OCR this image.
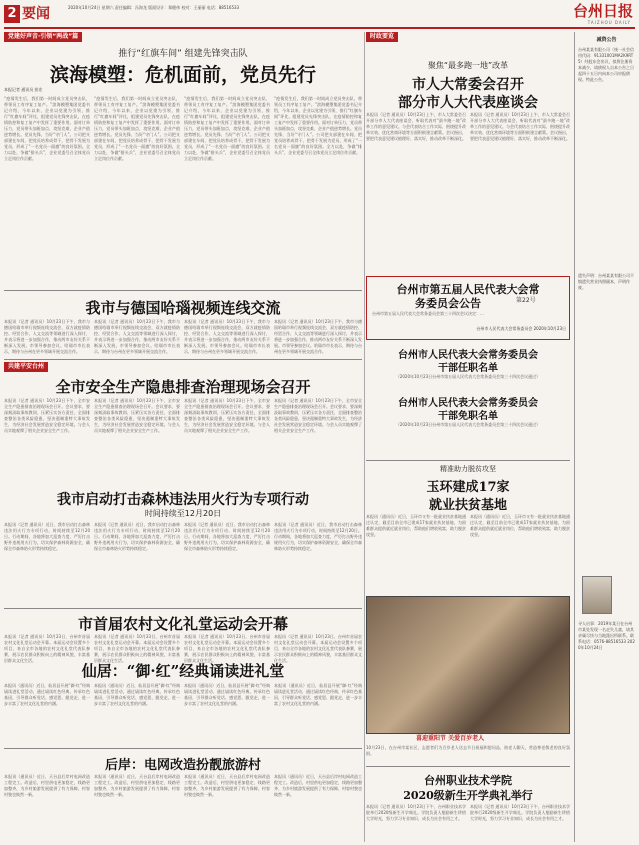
2 要闻	2020年10月24日 星期六 责任编辑：冯海龙 版面设计：郑健伟 校对：王丽丽 电话：88516533	台州日报
TAIZHOU DAILY
党建好声音·引领“两战”篇
推行“红旗车间” 组建先锋突击队
滨海模塑：危机面前，党员先行
本报记者 通讯员 彭宏
“疫情发生后，我们第一时间成立党员突击队，带领员工有序复工复产。”滨海模塑集团党委书记介绍，今年以来，企业以党建为引领，推行“红旗车间”评比，组建党员先锋突击队，在疫情防控和复工复产中发挥了重要作用。面对订单压力，党员带头加班加点，攻坚克难，企业产值逆势增长。党员先锋，当好“守门人”。公司把支部建在车间，把党员培养成骨干，把骨干发展为党员，形成了“一名党员一面旗”的良好氛围。全力以赴，争做“排头兵”，企业党委号召全体党员立足岗位作贡献。
“疫情发生后，我们第一时间成立党员突击队，带领员工有序复工复产。”滨海模塑集团党委书记介绍，今年以来，企业以党建为引领，推行“红旗车间”评比，组建党员先锋突击队，在疫情防控和复工复产中发挥了重要作用。面对订单压力，党员带头加班加点，攻坚克难，企业产值逆势增长。党员先锋，当好“守门人”。公司把支部建在车间，把党员培养成骨干，把骨干发展为党员，形成了“一名党员一面旗”的良好氛围。全力以赴，争做“排头兵”，企业党委号召全体党员立足岗位作贡献。
“疫情发生后，我们第一时间成立党员突击队，带领员工有序复工复产。”滨海模塑集团党委书记介绍，今年以来，企业以党建为引领，推行“红旗车间”评比，组建党员先锋突击队，在疫情防控和复工复产中发挥了重要作用。面对订单压力，党员带头加班加点，攻坚克难，企业产值逆势增长。党员先锋，当好“守门人”。公司把支部建在车间，把党员培养成骨干，把骨干发展为党员，形成了“一名党员一面旗”的良好氛围。全力以赴，争做“排头兵”，企业党委号召全体党员立足岗位作贡献。
“疫情发生后，我们第一时间成立党员突击队，带领员工有序复工复产。”滨海模塑集团党委书记介绍，今年以来，企业以党建为引领，推行“红旗车间”评比，组建党员先锋突击队，在疫情防控和复工复产中发挥了重要作用。面对订单压力，党员带头加班加点，攻坚克难，企业产值逆势增长。党员先锋，当好“守门人”。公司把支部建在车间，把党员培养成骨干，把骨干发展为党员，形成了“一名党员一面旗”的良好氛围。全力以赴，争做“排头兵”，企业党委号召全体党员立足岗位作贡献。
我市与德国哈瑙视频连线交流
本报讯（记者 通讯员）10月23日下午，我市与德国哈瑙市举行视频连线交流会，双方就疫情防控、经贸合作、人文交流等领域进行深入探讨，并表示将进一步加强合作，推动两市友好关系不断深入发展。市领导参加会议。哈瑙市市长表示，期待与台州在更多领域开展交流合作。
本报讯（记者 通讯员）10月23日下午，我市与德国哈瑙市举行视频连线交流会，双方就疫情防控、经贸合作、人文交流等领域进行深入探讨，并表示将进一步加强合作，推动两市友好关系不断深入发展。市领导参加会议。哈瑙市市长表示，期待与台州在更多领域开展交流合作。
本报讯（记者 通讯员）10月23日下午，我市与德国哈瑙市举行视频连线交流会，双方就疫情防控、经贸合作、人文交流等领域进行深入探讨，并表示将进一步加强合作，推动两市友好关系不断深入发展。市领导参加会议。哈瑙市市长表示，期待与台州在更多领域开展交流合作。
本报讯（记者 通讯员）10月23日下午，我市与德国哈瑙市举行视频连线交流会，双方就疫情防控、经贸合作、人文交流等领域进行深入探讨，并表示将进一步加强合作，推动两市友好关系不断深入发展。市领导参加会议。哈瑙市市长表示，期待与台州在更多领域开展交流合作。
共建平安台州
全市安全生产隐患排查治理现场会召开
本报讯（记者 通讯员）10月23日下午，全市安全生产隐患排查治理现场会召开。会议要求，要深刻汲取事故教训，压紧压实各方责任，全面排查整治各类风险隐患，坚决遏制重特大事故发生，为经济社会发展营造安全稳定环境。与会人员实地观摩了相关企业安全生产工作。
本报讯（记者 通讯员）10月23日下午，全市安全生产隐患排查治理现场会召开。会议要求，要深刻汲取事故教训，压紧压实各方责任，全面排查整治各类风险隐患，坚决遏制重特大事故发生，为经济社会发展营造安全稳定环境。与会人员实地观摩了相关企业安全生产工作。
本报讯（记者 通讯员）10月23日下午，全市安全生产隐患排查治理现场会召开。会议要求，要深刻汲取事故教训，压紧压实各方责任，全面排查整治各类风险隐患，坚决遏制重特大事故发生，为经济社会发展营造安全稳定环境。与会人员实地观摩了相关企业安全生产工作。
本报讯（记者 通讯员）10月23日下午，全市安全生产隐患排查治理现场会召开。会议要求，要深刻汲取事故教训，压紧压实各方责任，全面排查整治各类风险隐患，坚决遏制重特大事故发生，为经济社会发展营造安全稳定环境。与会人员实地观摩了相关企业安全生产工作。
我市启动打击森林违法用火行为专项行动
时间持续至12月20日
本报讯（记者 通讯员）近日，我市启动打击森林违法用火行为专项行动，时间持续至12月20日。行动期间，各地将加大巡查力度，严厉打击野外违规用火行为，切实保护森林资源安全，确保全市森林防火形势持续稳定。
本报讯（记者 通讯员）近日，我市启动打击森林违法用火行为专项行动，时间持续至12月20日。行动期间，各地将加大巡查力度，严厉打击野外违规用火行为，切实保护森林资源安全，确保全市森林防火形势持续稳定。
本报讯（记者 通讯员）近日，我市启动打击森林违法用火行为专项行动，时间持续至12月20日。行动期间，各地将加大巡查力度，严厉打击野外违规用火行为，切实保护森林资源安全，确保全市森林防火形势持续稳定。
本报讯（记者 通讯员）近日，我市启动打击森林违法用火行为专项行动，时间持续至12月20日。行动期间，各地将加大巡查力度，严厉打击野外违规用火行为，切实保护森林资源安全，确保全市森林防火形势持续稳定。
市首届农村文化礼堂运动会开幕
本报讯（记者 通讯员）10月23日，台州市首届农村文化礼堂运动会开幕。本届运动会设置多个项目，来自全市各地的农村文化礼堂代表队参赛，展示农民群众积极向上的精神风貌，丰富基层群众文化生活。
本报讯（记者 通讯员）10月23日，台州市首届农村文化礼堂运动会开幕。本届运动会设置多个项目，来自全市各地的农村文化礼堂代表队参赛，展示农民群众积极向上的精神风貌，丰富基层群众文化生活。
本报讯（记者 通讯员）10月23日，台州市首届农村文化礼堂运动会开幕。本届运动会设置多个项目，来自全市各地的农村文化礼堂代表队参赛，展示农民群众积极向上的精神风貌，丰富基层群众文化生活。
本报讯（记者 通讯员）10月23日，台州市首届农村文化礼堂运动会开幕。本届运动会设置多个项目，来自全市各地的农村文化礼堂代表队参赛，展示农民群众积极向上的精神风貌，丰富基层群众文化生活。
仙居：“御·红”经典诵读进礼堂
本报讯（通讯员）近日，仙居县开展“御·红”经典诵读进礼堂活动，通过诵读红色经典，传承红色基因，引导群众听党话、感党恩、跟党走，进一步丰富了农村文化礼堂的内涵。
本报讯（通讯员）近日，仙居县开展“御·红”经典诵读进礼堂活动，通过诵读红色经典，传承红色基因，引导群众听党话、感党恩、跟党走，进一步丰富了农村文化礼堂的内涵。
本报讯（通讯员）近日，仙居县开展“御·红”经典诵读进礼堂活动，通过诵读红色经典，传承红色基因，引导群众听党话、感党恩、跟党走，进一步丰富了农村文化礼堂的内涵。
本报讯（通讯员）近日，仙居县开展“御·红”经典诵读进礼堂活动，通过诵读红色经典，传承红色基因，引导群众听党话、感党恩、跟党走，进一步丰富了农村文化礼堂的内涵。
后岸：电网改造扮靓旅游村
本报讯（通讯员）近日，天台县后岸村电网改造工程完工。改造后，村里供电更加稳定，线路更加整齐，为乡村旅游发展提供了有力保障，村容村貌也焕然一新。
本报讯（通讯员）近日，天台县后岸村电网改造工程完工。改造后，村里供电更加稳定，线路更加整齐，为乡村旅游发展提供了有力保障，村容村貌也焕然一新。
本报讯（通讯员）近日，天台县后岸村电网改造工程完工。改造后，村里供电更加稳定，线路更加整齐，为乡村旅游发展提供了有力保障，村容村貌也焕然一新。
本报讯（通讯员）近日，天台县后岸村电网改造工程完工。改造后，村里供电更加稳定，线路更加整齐，为乡村旅游发展提供了有力保障，村容村貌也焕然一新。
时政要览
聚焦“最多跑一地”改革
市人大常委会召开
部分市人大代表座谈会
本报讯（记者 通讯员）10月23日上午，市人大常委会召开部分市人大代表座谈会，听取代表对“最多跑一地”改革工作的意见建议。与会代表结合工作实际，围绕提升改革实效、优化营商环境等方面积极建言献策。会议指出，要把代表意见建议梳理好、落实好，推动改革不断深化。
本报讯（记者 通讯员）10月23日上午，市人大常委会召开部分市人大代表座谈会，听取代表对“最多跑一地”改革工作的意见建议。与会代表结合工作实际，围绕提升改革实效、优化营商环境等方面积极建言献策。会议指出，要把代表意见建议梳理好、落实好，推动改革不断深化。
台州市第五届人民代表大会常
务委员会公告	第22号
台州市第五届人民代表大会常务委员会第三十四次会议决定：…
台州市人民代表大会常务委员会 2020年10月23日
台州市人民代表大会常务委员会
干部任职名单
（2020年10月23日台州市第五届人民代表大会常务委员会第三十四次会议通过）
台州市人民代表大会常务委员会
干部免职名单
（2020年10月23日台州市第五届人民代表大会常务委员会第三十四次会议通过）
精准助力脱贫攻坚
玉环建成17家
就业扶贫基地
本报讯（通讯员）近日，玉环市又有一批就业扶贫基地通过认定，截至目前全市已建成17家就业扶贫基地，为困难群众提供就近就业岗位，帮助他们增收致富，助力脱贫攻坚。
本报讯（通讯员）近日，玉环市又有一批就业扶贫基地通过认定，截至目前全市已建成17家就业扶贫基地，为困难群众提供就近就业岗位，帮助他们增收致富，助力脱贫攻坚。
喜迎重阳节 关爱百岁老人
10月23日，在台州市某社区，志愿者们为百岁老人送去节日祝福和慰问品，陪老人聊天，营造尊老敬老的良好氛围。
台州职业技术学院
2020级新生开学典礼举行
本报讯（记者 通讯员）10月23日下午，台州职业技术学院举行2020级新生开学典礼。学院负责人勉励新生珍惜大学时光，努力学习专业知识，成长为社会有用之才。
本报讯（记者 通讯员）10月23日下午，台州职业技术学院举行2020级新生开学典礼。学院负责人勉励新生珍惜大学时光，努力学习专业知识，成长为社会有用之才。
减资公告
台州某某有限公司（统一社会信用代码：91331001MA2K9RT5）经股东会决议，拟将注册资本减少，请债权人自本公告之日起四十五日内向本公司申报债权。特此公告。
遗失声明：台州某某有限公司不慎遗失营业执照副本，声明作废。
寻人启事：2019年某日在台州市某处发现一名走失儿童，请其亲属尽快与当地派出所联系。联系电话：0576-88516533 2020年10月24日
